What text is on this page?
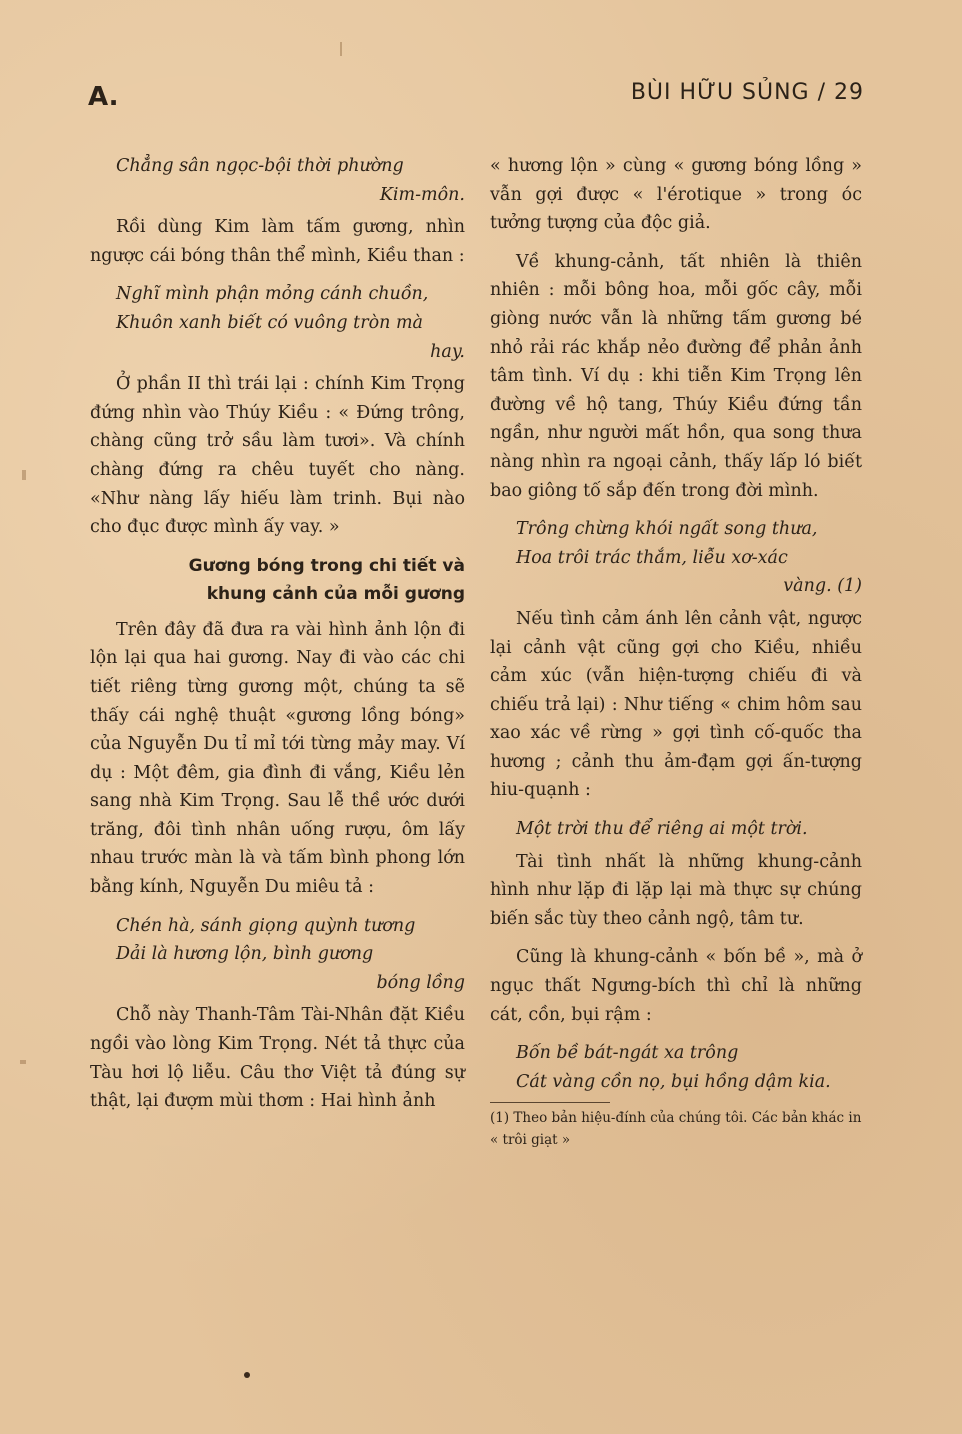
A.	BÙI HỮU SỦNG / 29
Chẳng sân ngọc-bội thời phường
Kim-môn.

Rồi dùng Kim làm tấm gương, nhìn ngược cái bóng thân thể mình, Kiều than :

Nghĩ mình phận mỏng cánh chuồn,
Khuôn xanh biết có vuông tròn mà
hay.

Ở phần II thì trái lại : chính Kim Trọng đứng nhìn vào Thúy Kiều : « Đứng trông, chàng cũng trở sầu làm tươi». Và chính chàng đứng ra chêu tuyết cho nàng. «Như nàng lấy hiếu làm trinh. Bụi nào cho đục được mình ấy vay. »

Gương bóng trong chi tiết và
khung cảnh của mỗi gương

Trên đây đã đưa ra vài hình ảnh lộn đi lộn lại qua hai gương. Nay đi vào các chi tiết riêng từng gương một, chúng ta sẽ thấy cái nghệ thuật «gương lồng bóng» của Nguyễn Du tỉ mỉ tới từng mảy may. Ví dụ : Một đêm, gia đình đi vắng, Kiều lẻn sang nhà Kim Trọng. Sau lễ thề ước dưới trăng, đôi tình nhân uống rượu, ôm lấy nhau trước màn là và tấm bình phong lớn bằng kính, Nguyễn Du miêu tả :

Chén hà, sánh giọng quỳnh tương
Dải là hương lộn, bình gương
bóng lồng

Chỗ này Thanh-Tâm Tài-Nhân đặt Kiều ngồi vào lòng Kim Trọng. Nét tả thực của Tàu hơi lộ liễu. Câu thơ Việt tả đúng sự thật, lại đượm mùi thơm : Hai hình ảnh

« hương lộn » cùng « gương bóng lồng » vẫn gợi được « l'érotique » trong óc tưởng tượng của độc giả.

Về khung-cảnh, tất nhiên là thiên nhiên : mỗi bông hoa, mỗi gốc cây, mỗi giòng nước vẫn là những tấm gương bé nhỏ rải rác khắp nẻo đường để phản ảnh tâm tình. Ví dụ : khi tiễn Kim Trọng lên đường về hộ tang, Thúy Kiều đứng tần ngần, như người mất hồn, qua song thưa nàng nhìn ra ngoại cảnh, thấy lấp ló biết bao giông tố sắp đến trong đời mình.

Trông chừng khói ngất song thưa,
Hoa trôi trác thắm, liễu xơ-xác
vàng. (1)

Nếu tình cảm ánh lên cảnh vật, ngược lại cảnh vật cũng gợi cho Kiều, nhiều cảm xúc (vẫn hiện-tượng chiếu đi và chiếu trả lại) : Như tiếng « chim hôm sau xao xác về rừng » gợi tình cố-quốc tha hương ; cảnh thu ảm-đạm gợi ấn-tượng hiu-quạnh :

Một trời thu để riêng ai một trời.

Tài tình nhất là những khung-cảnh hình như lặp đi lặp lại mà thực sự chúng biến sắc tùy theo cảnh ngộ, tâm tư.

Cũng là khung-cảnh « bốn bề », mà ở ngục thất Ngưng-bích thì chỉ là những cát, cồn, bụi rậm :

Bốn bề bát-ngát xa trông
Cát vàng cồn nọ, bụi hồng dậm kia.
(1) Theo bản hiệu-đính của chúng tôi. Các bản khác in « trôi giạt »
